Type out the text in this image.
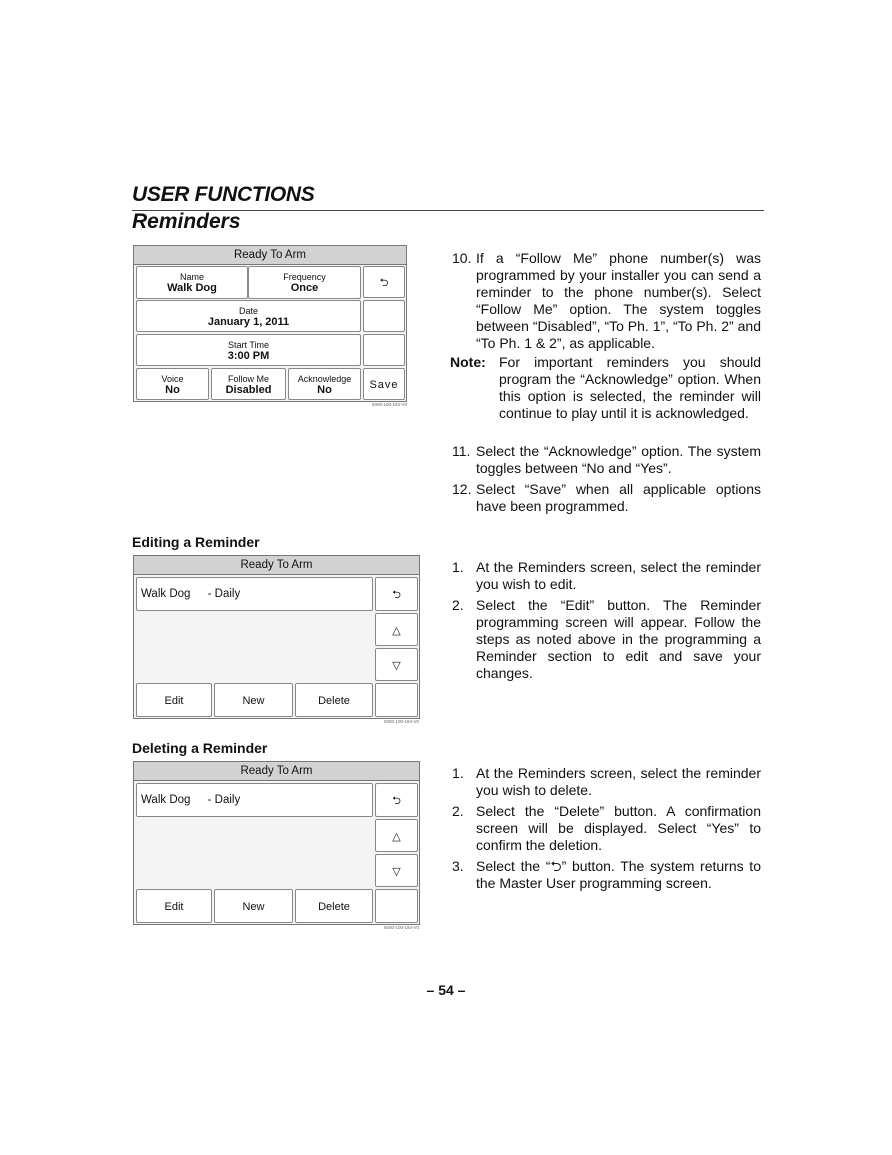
USER FUNCTIONS
Reminders
Ready To Arm
Name
Walk Dog
Frequency
Once	⮌
Date
January 1, 2011
Start Time
3:00 PM
Voice
No
Follow Me
Disabled
Acknowledge
No	Save
5000-100-183-V0
10. If a “Follow Me” phone number(s) was programmed by your installer you can send a reminder to the phone number(s). Select “Follow Me” option. The system toggles between “Disabled”, “To Ph. 1”, “To Ph. 2” and “To Ph. 1 & 2”, as applicable.
Note: For important reminders you should program the “Acknowledge” option. When this option is selected, the reminder will continue to play until it is acknowledged.
11. Select the “Acknowledge” option. The system toggles between “No and “Yes”.
12. Select “Save” when all applicable options have been programmed.
Editing a Reminder
Ready To Arm
Walk Dog - Daily	⮌
△
▽
Edit	New	Delete
5000-100-184-V0
1. At the Reminders screen, select the reminder you wish to edit.
2. Select the “Edit” button. The Reminder programming screen will appear. Follow the steps as noted above in the programming a Reminder section to edit and save your changes.
Deleting a Reminder
Ready To Arm
Walk Dog - Daily	⮌
△
▽
Edit	New	Delete
5000-100-184-V0
1. At the Reminders screen, select the reminder you wish to delete.
2. Select the “Delete” button. A confirmation screen will be displayed. Select “Yes” to confirm the deletion.
3. Select the “⮌” button. The system returns to the Master User programming screen.
– 54 –
